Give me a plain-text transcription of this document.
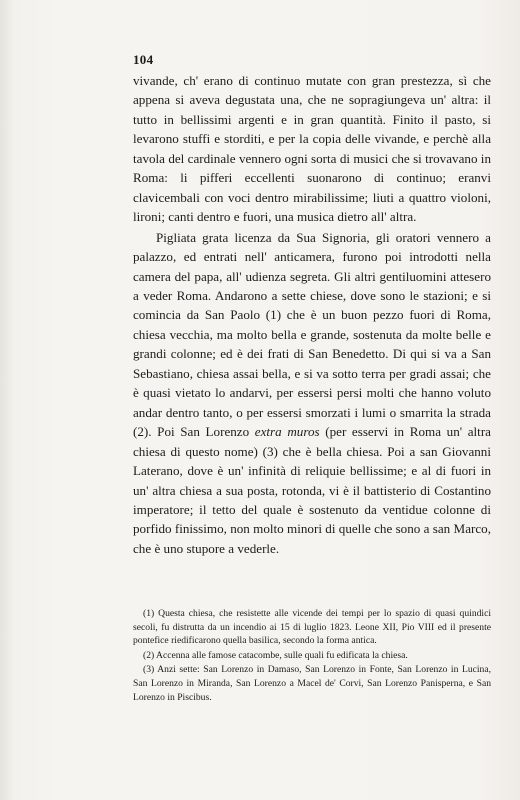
104

vivande, ch' erano di continuo mutate con gran prestezza, sì che appena si aveva degustata una, che ne sopragiungeva un' altra: il tutto in bellissimi argenti e in gran quantità. Finito il pasto, si levarono stuffi e storditi, e per la copia delle vivande, e perchè alla tavola del cardinale vennero ogni sorta di musici che si trovavano in Roma: li pifferi eccellenti suonarono di continuo; eranvi clavicembali con voci dentro mirabilissime; liuti a quattro violoni, lironi; canti dentro e fuori, una musica dietro all' altra.

Pigliata grata licenza da Sua Signoria, gli oratori vennero a palazzo, ed entrati nell' anticamera, furono poi introdotti nella camera del papa, all' udienza segreta. Gli altri gentiluomini attesero a veder Roma. Andarono a sette chiese, dove sono le stazioni; e si comincia da San Paolo (1) che è un buon pezzo fuori di Roma, chiesa vecchia, ma molto bella e grande, sostenuta da molte belle e grandi colonne; ed è dei frati di San Benedetto. Di qui si va a San Sebastiano, chiesa assai bella, e si va sotto terra per gradi assai; che è quasi vietato lo andarvi, per essersi persi molti che hanno voluto andar dentro tanto, o per essersi smorzati i lumi o smarrita la strada (2). Poi San Lorenzo extra muros (per esservi in Roma un' altra chiesa di questo nome) (3) che è bella chiesa. Poi a san Giovanni Laterano, dove è un' infinità di reliquie bellissime; e al di fuori in un' altra chiesa a sua posta, rotonda, vi è il battisterio di Costantino imperatore; il tetto del quale è sostenuto da ventidue colonne di porfido finissimo, non molto minori di quelle che sono a san Marco, che è uno stupore a vederle.

(1) Questa chiesa, che resistette alle vicende dei tempi per lo spazio di quasi quindici secoli, fu distrutta da un incendio ai 15 di luglio 1823. Leone XII, Pio VIII ed il presente pontefice riedificarono quella basilica, secondo la forma antica.

(2) Accenna alle famose catacombe, sulle quali fu edificata la chiesa.

(3) Anzi sette: San Lorenzo in Damaso, San Lorenzo in Fonte, San Lorenzo in Lucina, San Lorenzo in Miranda, San Lorenzo a Macel de' Corvi, San Lorenzo Panisperna, e San Lorenzo in Piscibus.
